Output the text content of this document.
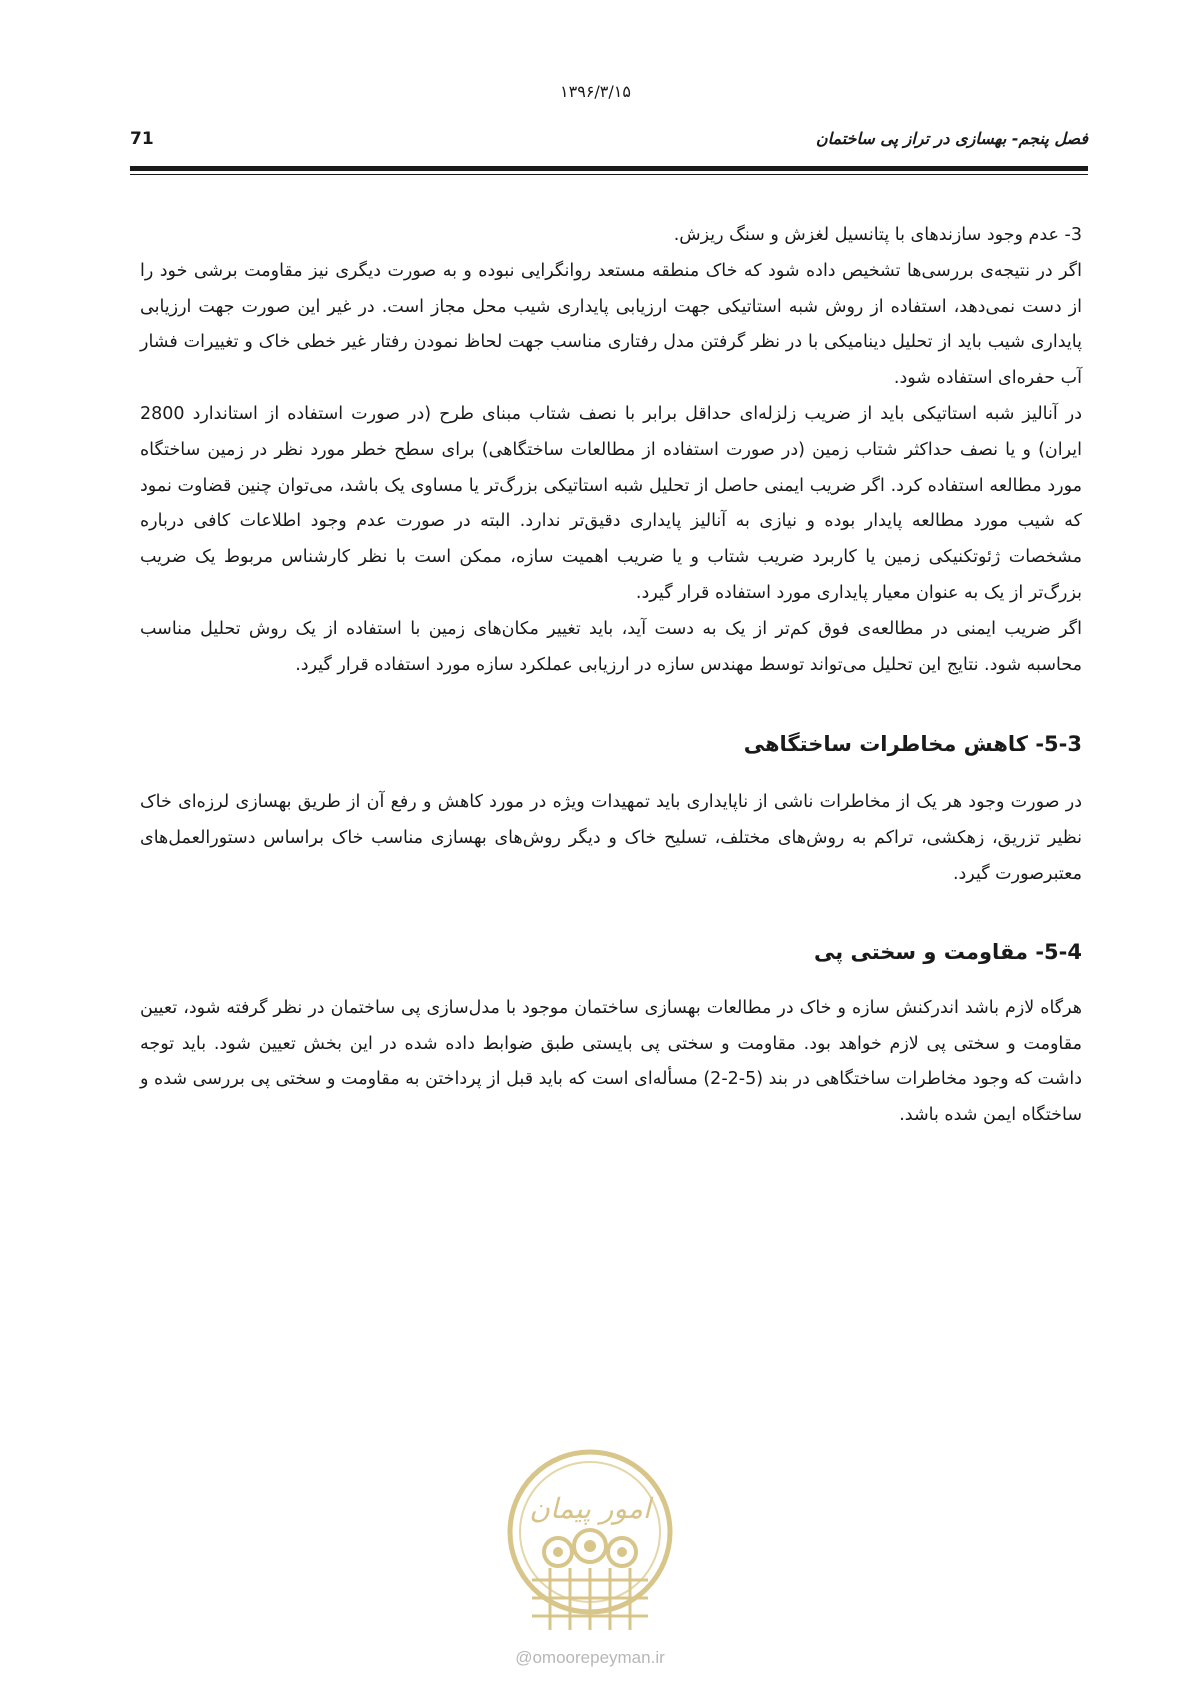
۱۳۹۶/۳/۱۵
فصل پنجم- بهسازی در تراز پی ساختمان
71

3- عدم وجود سازندهای با پتانسیل لغزش و سنگ ریزش.

اگر در نتیجه‌ی بررسی‌ها تشخیص داده شود که خاک منطقه مستعد روانگرایی نبوده و به صورت دیگری نیز مقاومت برشی خود را از دست نمی‌دهد، استفاده از روش شبه استاتیکی جهت ارزیابی پایداری شیب محل مجاز است. در غیر این صورت جهت ارزیابی پایداری شیب باید از تحلیل دینامیکی با در نظر گرفتن مدل رفتاری مناسب جهت لحاظ نمودن رفتار غیر خطی خاک و تغییرات فشار آب حفره‌ای استفاده شود.

در آنالیز شبه استاتیکی باید از ضریب زلزله‌ای حداقل برابر با نصف شتاب مبنای طرح (در صورت استفاده از استاندارد 2800 ایران) و یا نصف حداکثر شتاب زمین (در صورت استفاده از مطالعات ساختگاهی) برای سطح خطر مورد نظر در زمین ساختگاه مورد مطالعه استفاده کرد. اگر ضریب ایمنی حاصل از تحلیل شبه استاتیکی بزرگ‌تر یا مساوی یک باشد، می‌توان چنین قضاوت نمود که شیب مورد مطالعه پایدار بوده و نیازی به آنالیز پایداری دقیق‌تر ندارد. البته در صورت عدم وجود اطلاعات کافی درباره مشخصات ژئوتکنیکی زمین یا کاربرد ضریب شتاب و یا ضریب اهمیت سازه، ممکن است با نظر کارشناس مربوط یک ضریب بزرگ‌تر از یک به عنوان معیار پایداری مورد استفاده قرار گیرد.

اگر ضریب ایمنی در مطالعه‌ی فوق کم‌تر از یک به دست آید، باید تغییر مکان‌های زمین با استفاده از یک روش تحلیل مناسب محاسبه شود. نتایج این تحلیل می‌تواند توسط مهندس سازه در ارزیابی عملکرد سازه مورد استفاده قرار گیرد.

5-3- کاهش مخاطرات ساختگاهی

در صورت وجود هر یک از مخاطرات ناشی از ناپایداری باید تمهیدات ویژه در مورد کاهش و رفع آن از طریق بهسازی لرزه‌ای خاک نظیر تزریق، زهکشی، تراکم به روش‌های مختلف، تسلیح خاک و دیگر روش‌های بهسازی مناسب خاک براساس دستورالعمل‌های معتبرصورت گیرد.

5-4- مقاومت و سختی پی

هرگاه لازم باشد اندرکنش سازه و خاک در مطالعات بهسازی ساختمان موجود با مدل‌سازی پی ساختمان در نظر گرفته شود، تعیین مقاومت و سختی پی لازم خواهد بود. مقاومت و سختی پی بایستی طبق ضوابط داده شده در این بخش تعیین شود. باید توجه داشت که وجود مخاطرات ساختگاهی در بند (5-2-2) مسأله‌ای است که باید قبل از پرداختن به مقاومت و سختی پی بررسی شده و ساختگاه ایمن شده باشد.

امور پیمان
@omoorepeyman.ir
